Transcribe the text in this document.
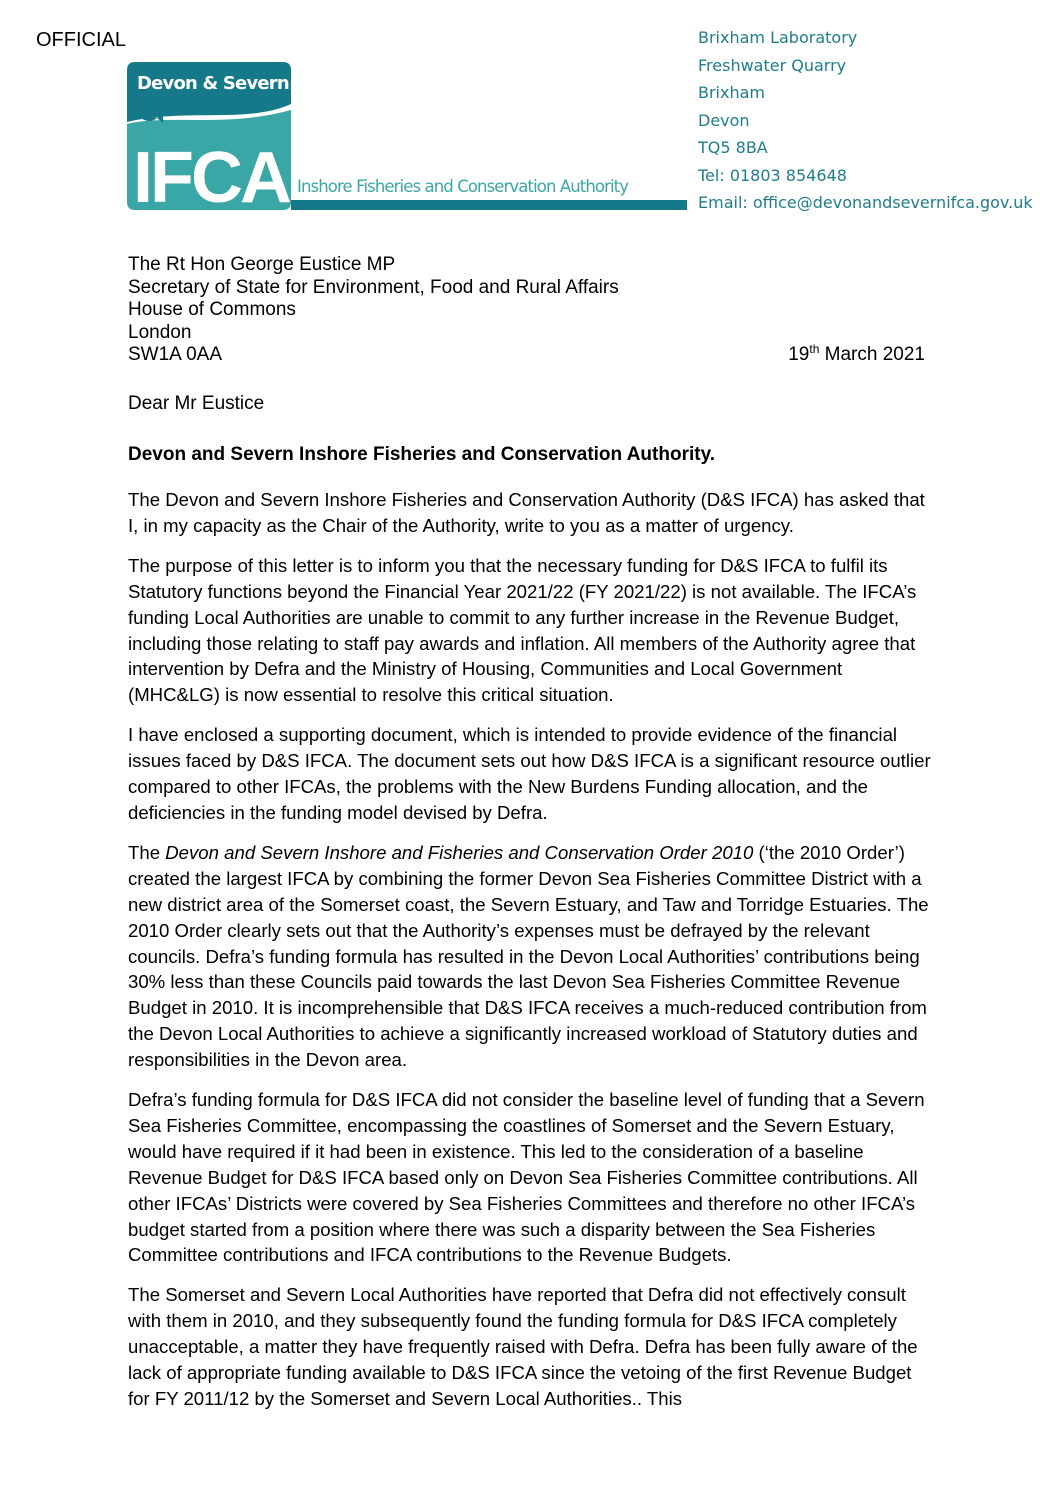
OFFICIAL
Devon & Severn
IFCA Inshore Fisheries and Conservation Authority
Brixham Laboratory
Freshwater Quarry
Brixham
Devon
TQ5 8BA
Tel: 01803 854648
Email: office@devonandsevernifca.gov.uk
The Rt Hon George Eustice MP
Secretary of State for Environment, Food and Rural Affairs
House of Commons
London
SW1A 0AA	19th March 2021
Dear Mr Eustice
Devon and Severn Inshore Fisheries and Conservation Authority.

The Devon and Severn Inshore Fisheries and Conservation Authority (D&S IFCA) has asked that I, in my capacity as the Chair of the Authority, write to you as a matter of urgency.

The purpose of this letter is to inform you that the necessary funding for D&S IFCA to fulfil its Statutory functions beyond the Financial Year 2021/22 (FY 2021/22) is not available. The IFCA’s funding Local Authorities are unable to commit to any further increase in the Revenue Budget, including those relating to staff pay awards and inflation. All members of the Authority agree that intervention by Defra and the Ministry of Housing, Communities and Local Government (MHC&LG) is now essential to resolve this critical situation.

I have enclosed a supporting document, which is intended to provide evidence of the financial issues faced by D&S IFCA. The document sets out how D&S IFCA is a significant resource outlier compared to other IFCAs, the problems with the New Burdens Funding allocation, and the deficiencies in the funding model devised by Defra.

The Devon and Severn Inshore and Fisheries and Conservation Order 2010 (‘the 2010 Order’) created the largest IFCA by combining the former Devon Sea Fisheries Committee District with a new district area of the Somerset coast, the Severn Estuary, and Taw and Torridge Estuaries. The 2010 Order clearly sets out that the Authority’s expenses must be defrayed by the relevant councils. Defra’s funding formula has resulted in the Devon Local Authorities’ contributions being 30% less than these Councils paid towards the last Devon Sea Fisheries Committee Revenue Budget in 2010. It is incomprehensible that D&S IFCA receives a much-reduced contribution from the Devon Local Authorities to achieve a significantly increased workload of Statutory duties and responsibilities in the Devon area.

Defra’s funding formula for D&S IFCA did not consider the baseline level of funding that a Severn Sea Fisheries Committee, encompassing the coastlines of Somerset and the Severn Estuary, would have required if it had been in existence. This led to the consideration of a baseline Revenue Budget for D&S IFCA based only on Devon Sea Fisheries Committee contributions. All other IFCAs’ Districts were covered by Sea Fisheries Committees and therefore no other IFCA’s budget started from a position where there was such a disparity between the Sea Fisheries Committee contributions and IFCA contributions to the Revenue Budgets.

The Somerset and Severn Local Authorities have reported that Defra did not effectively consult with them in 2010, and they subsequently found the funding formula for D&S IFCA completely unacceptable, a matter they have frequently raised with Defra. Defra has been fully aware of the lack of appropriate funding available to D&S IFCA since the vetoing of the first Revenue Budget for FY 2011/12 by the Somerset and Severn Local Authorities.. This
